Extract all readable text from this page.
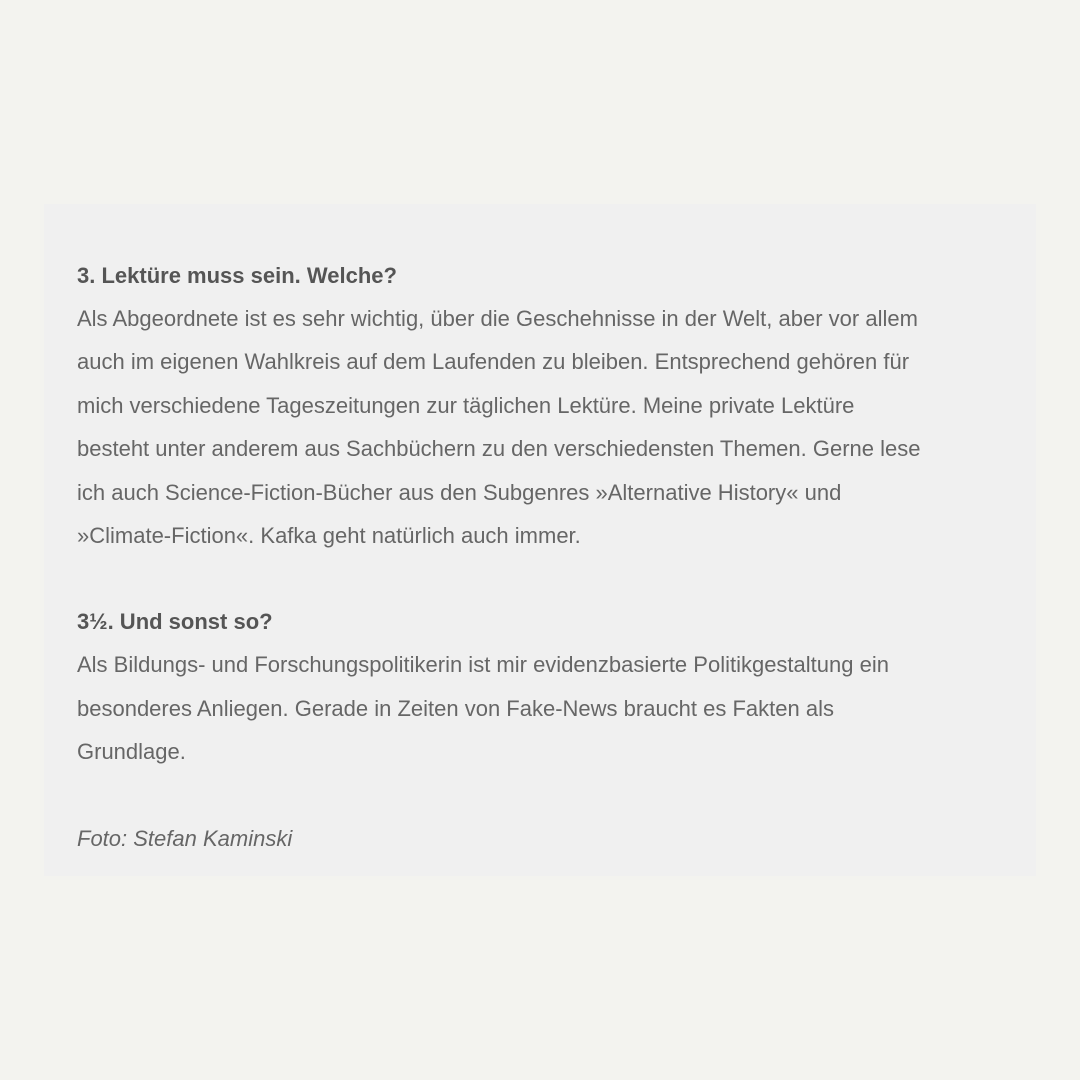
3. Lektüre muss sein. Welche?

Als Abgeordnete ist es sehr wichtig, über die Geschehnisse in der Welt, aber vor allem
auch im eigenen Wahlkreis auf dem Laufenden zu bleiben. Entsprechend gehören für
mich verschiedene Tageszeitungen zur täglichen Lektüre. Meine private Lektüre
besteht unter anderem aus Sachbüchern zu den verschiedensten Themen. Gerne lese
ich auch Science-Fiction-Bücher aus den Subgenres »Alternative History« und
»Climate-Fiction«. Kafka geht natürlich auch immer.

3½. Und sonst so?

Als Bildungs- und Forschungspolitikerin ist mir evidenzbasierte Politikgestaltung ein
besonderes Anliegen. Gerade in Zeiten von Fake-News braucht es Fakten als
Grundlage.

Foto: Stefan Kaminski
